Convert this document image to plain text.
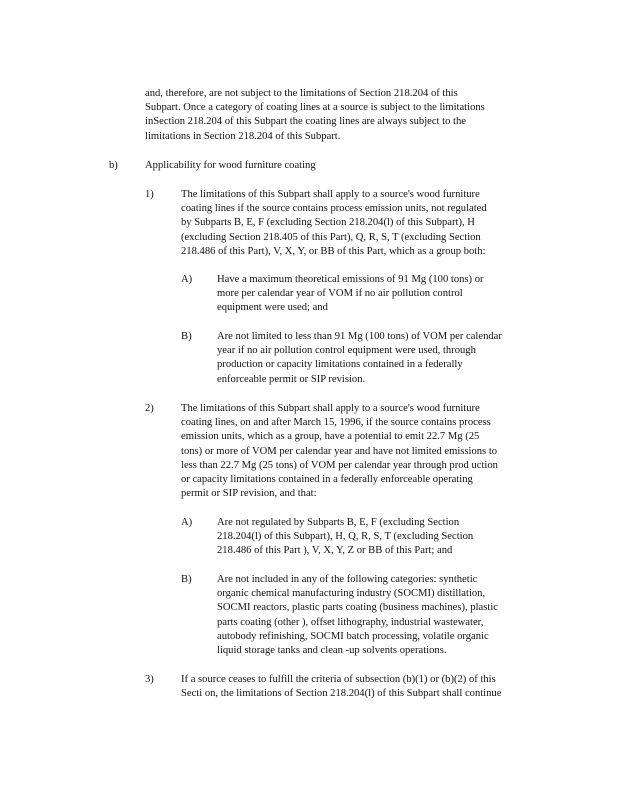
and, therefore, are not subject to the limitations of Section 218.204 of this
Subpart. Once a category of coating lines at a source is subject to the limitations
inSection 218.204 of this Subpart the coating lines are always subject to the
limitations in Section 218.204 of this Subpart.
b)	Applicability for wood furniture coating
1)	The limitations of this Subpart shall apply to a source's wood furniture
coating lines if the source contains process emission units, not regulated
by Subparts B, E, F (excluding Section 218.204(l) of this Subpart), H
(excluding Section 218.405 of this Part), Q, R, S, T (excluding Section
218.486 of this Part), V, X, Y, or BB of this Part, which as a group both:
A) Have a maximum theoretical emissions of 91 Mg (100 tons) or
more per calendar year of VOM if no air pollution control
equipment were used; and
B) Are not limited to less than 91 Mg (100 tons) of VOM per calendar
year if no air pollution control equipment were used, through
production or capacity limitations contained in a federally
enforceable permit or SIP revision.
2)	The limitations of this Subpart shall apply to a source's wood furniture
coating lines, on and after March 15, 1996, if the source contains process
emission units, which as a group, have a potential to emit 22.7 Mg (25
tons) or more of VOM per calendar year and have not limited emissions to
less than 22.7 Mg (25 tons) of VOM per calendar year through prod uction
or capacity limitations contained in a federally enforceable operating
permit or SIP revision, and that:
A) Are not regulated by Subparts B, E, F (excluding Section
218.204(l) of this Subpart), H, Q, R, S, T (excluding Section
218.486 of this Part ), V, X, Y, Z or BB of this Part; and
B) Are not included in any of the following categories: synthetic
organic chemical manufacturing industry (SOCMI) distillation,
SOCMI reactors, plastic parts coating (business machines), plastic
parts coating (other ), offset lithography, industrial wastewater,
autobody refinishing, SOCMI batch processing, volatile organic
liquid storage tanks and clean -up solvents operations.
3)	If a source ceases to fulfill the criteria of subsection (b)(1) or (b)(2) of this
Secti on, the limitations of Section 218.204(l) of this Subpart shall continue
